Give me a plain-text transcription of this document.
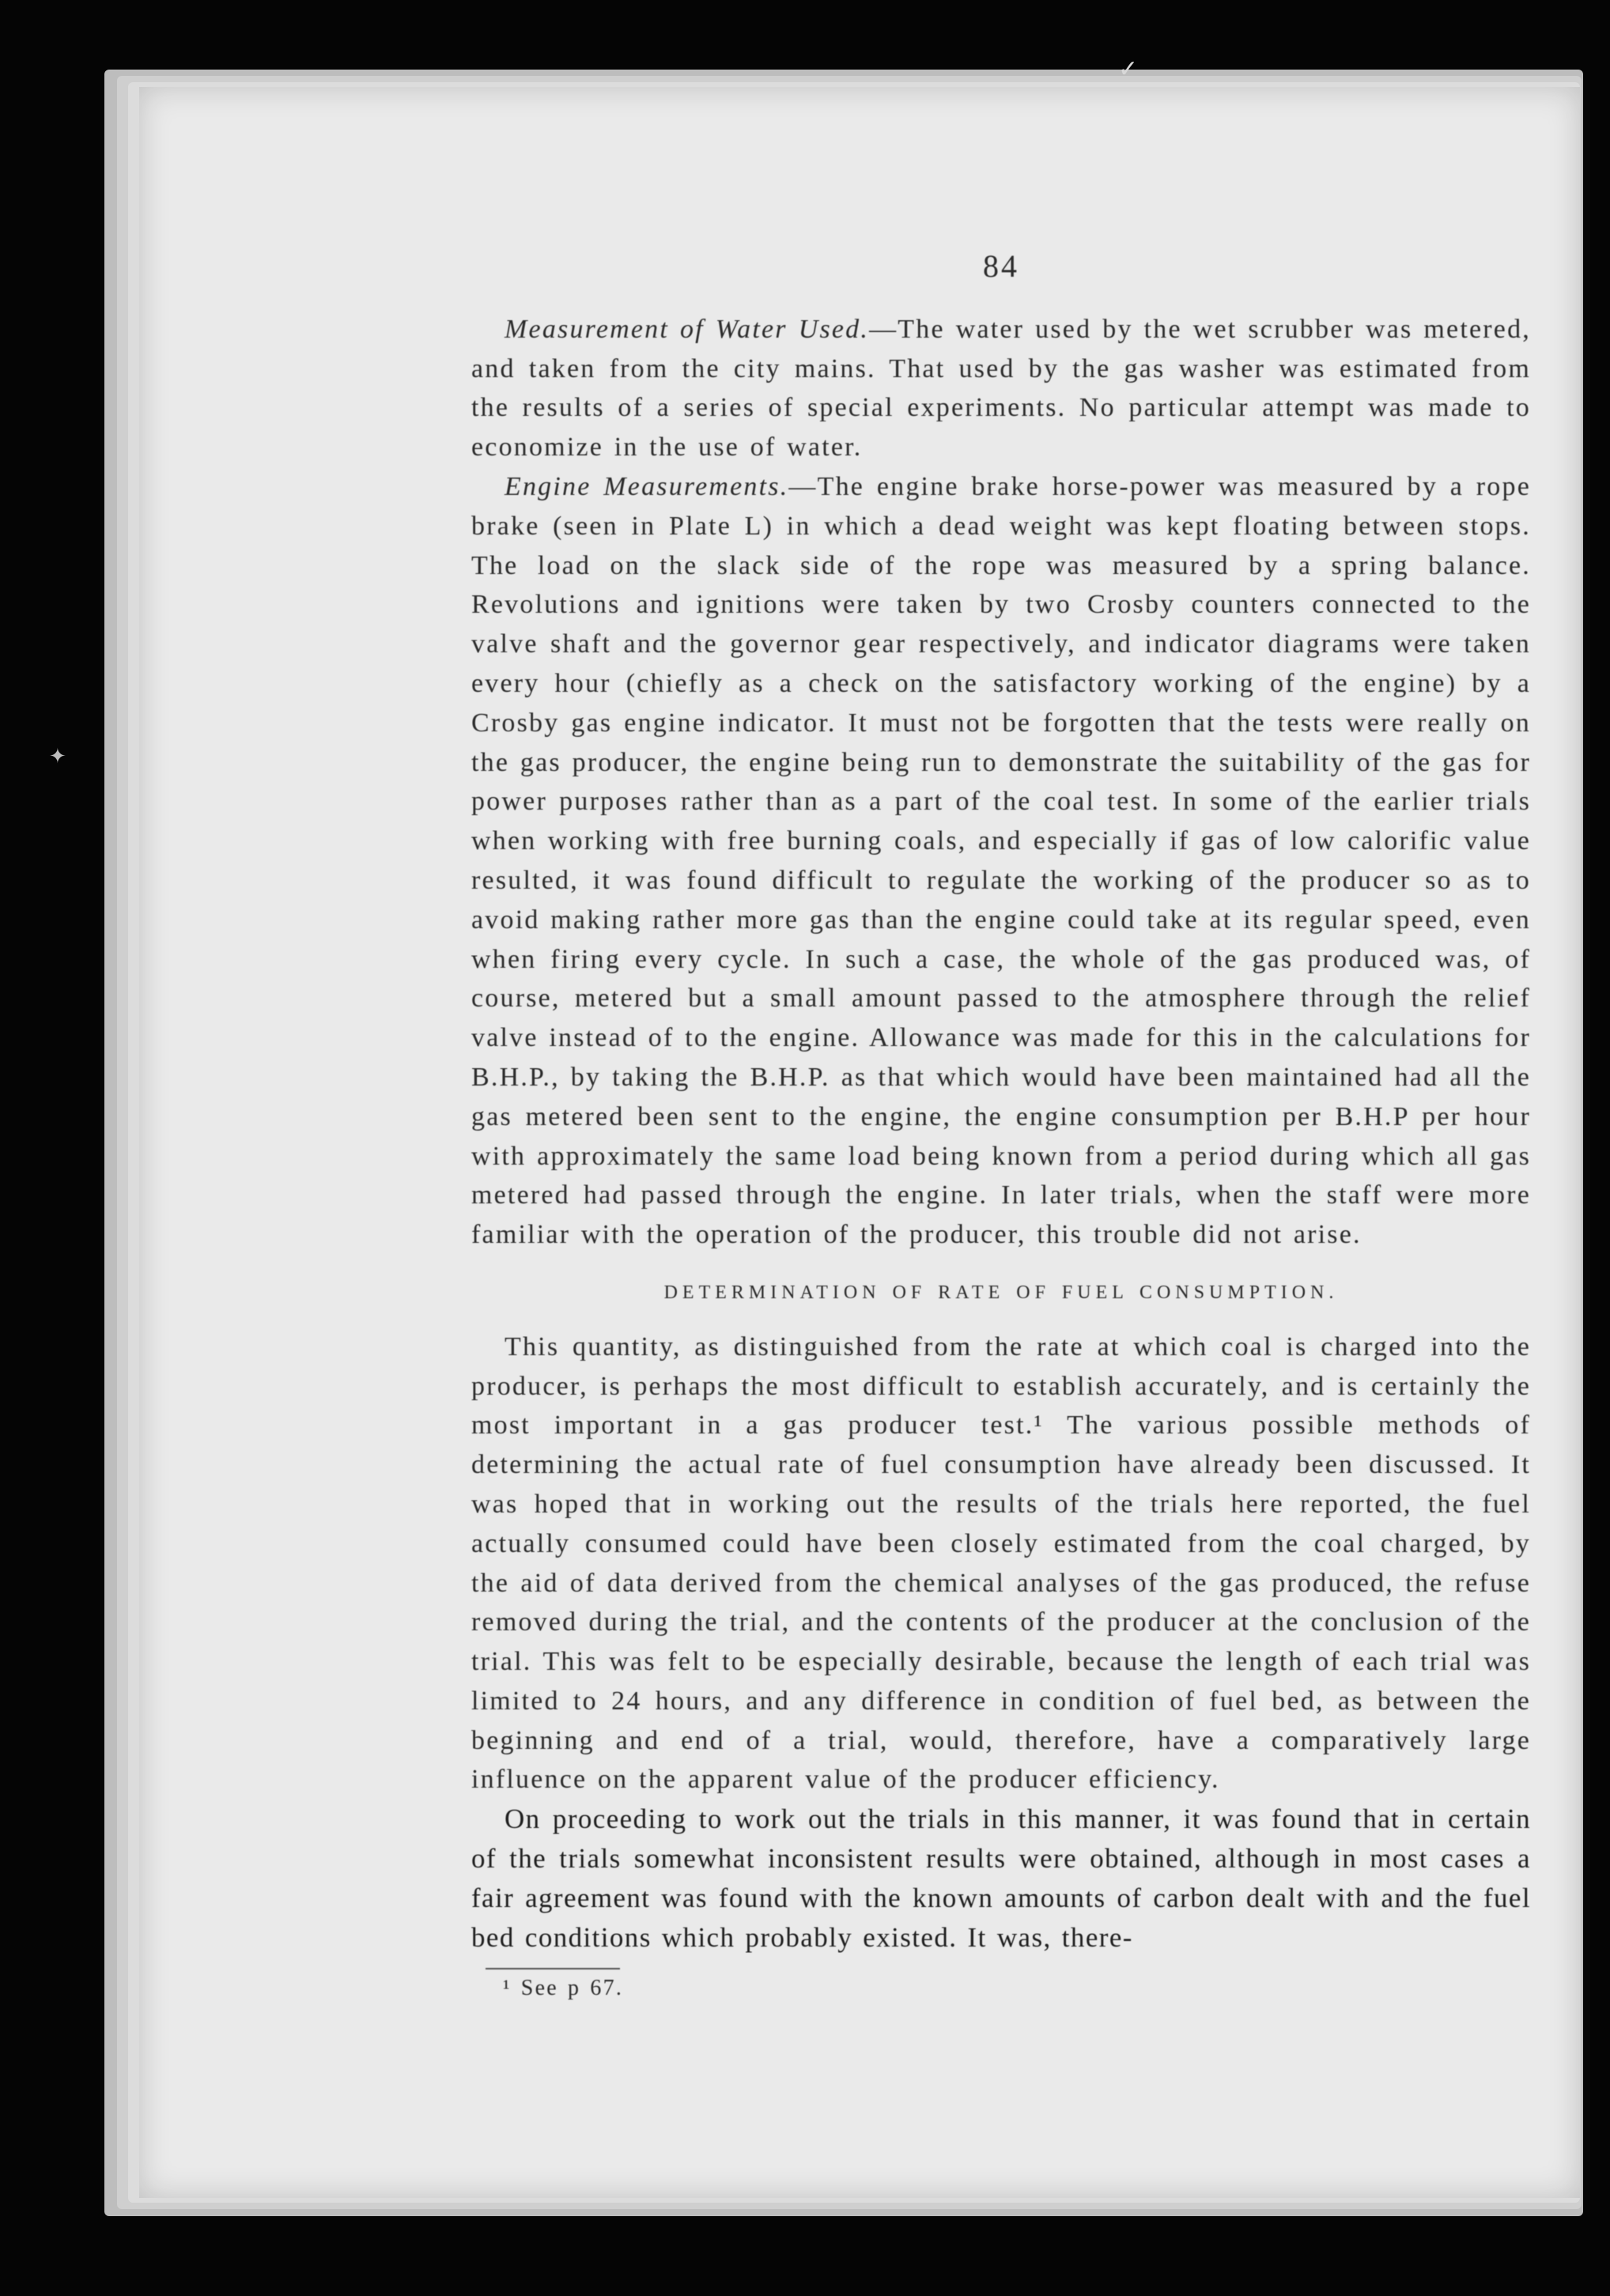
✦
✓
84

Measurement of Water Used.—The water used by the wet scrubber was metered, and taken from the city mains. That used by the gas washer was estimated from the results of a series of special experiments. No particular attempt was made to economize in the use of water.

Engine Measurements.—The engine brake horse-power was measured by a rope brake (seen in Plate L) in which a dead weight was kept floating between stops. The load on the slack side of the rope was measured by a spring balance. Revolutions and ignitions were taken by two Crosby counters connected to the valve shaft and the governor gear respectively, and indicator diagrams were taken every hour (chiefly as a check on the satisfactory working of the engine) by a Crosby gas engine indicator. It must not be forgotten that the tests were really on the gas producer, the engine being run to demonstrate the suitability of the gas for power purposes rather than as a part of the coal test. In some of the earlier trials when working with free burning coals, and especially if gas of low calorific value resulted, it was found difficult to regulate the working of the producer so as to avoid making rather more gas than the engine could take at its regular speed, even when firing every cycle. In such a case, the whole of the gas produced was, of course, metered but a small amount passed to the atmosphere through the relief valve instead of to the engine. Allowance was made for this in the calculations for B.H.P., by taking the B.H.P. as that which would have been maintained had all the gas metered been sent to the engine, the engine consumption per B.H.P per hour with approximately the same load being known from a period during which all gas metered had passed through the engine. In later trials, when the staff were more familiar with the operation of the producer, this trouble did not arise.

DETERMINATION OF RATE OF FUEL CONSUMPTION.

This quantity, as distinguished from the rate at which coal is charged into the producer, is perhaps the most difficult to establish accurately, and is certainly the most important in a gas producer test.¹ The various possible methods of determining the actual rate of fuel consumption have already been discussed. It was hoped that in working out the results of the trials here reported, the fuel actually consumed could have been closely estimated from the coal charged, by the aid of data derived from the chemical analyses of the gas produced, the refuse removed during the trial, and the contents of the producer at the conclusion of the trial. This was felt to be especially desirable, because the length of each trial was limited to 24 hours, and any difference in condition of fuel bed, as between the beginning and end of a trial, would, therefore, have a comparatively large influence on the apparent value of the producer efficiency.

On proceeding to work out the trials in this manner, it was found that in certain of the trials somewhat inconsistent results were obtained, although in most cases a fair agreement was found with the known amounts of carbon dealt with and the fuel bed conditions which probably existed. It was, there-

¹ See p 67.
